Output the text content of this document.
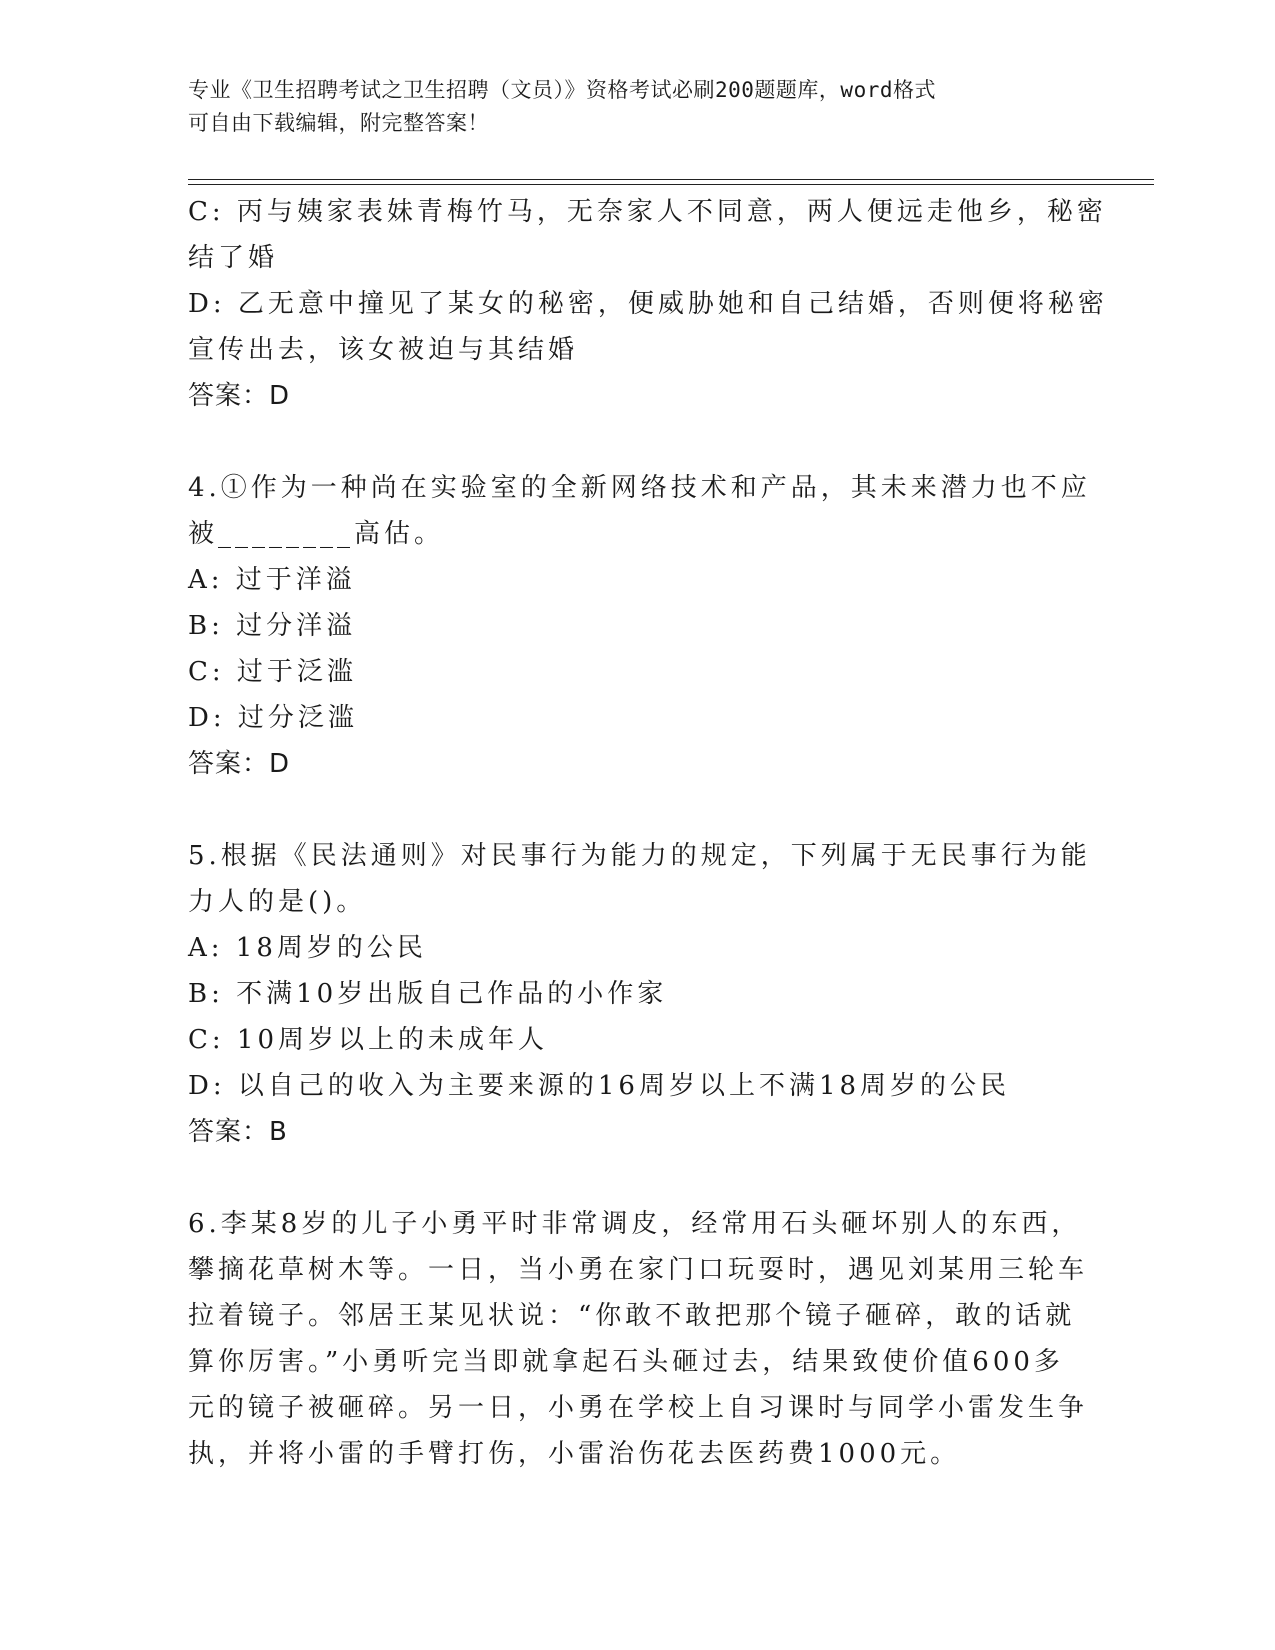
专业《卫生招聘考试之卫生招聘（文员）》资格考试必刷200题题库，word格式
可自由下载编辑，附完整答案！
C: 丙与姨家表妹青梅竹马，无奈家人不同意，两人便远走他乡，秘密
结了婚
D: 乙无意中撞见了某女的秘密，便威胁她和自己结婚，否则便将秘密
宣传出去，该女被迫与其结婚
答案：D
4.①作为一种尚在实验室的全新网络技术和产品，其未来潜力也不应
被________高估。
A: 过于洋溢
B: 过分洋溢
C: 过于泛滥
D: 过分泛滥
答案：D
5.根据《民法通则》对民事行为能力的规定，下列属于无民事行为能
力人的是()。
A: 18周岁的公民
B: 不满10岁出版自己作品的小作家
C: 10周岁以上的未成年人
D: 以自己的收入为主要来源的16周岁以上不满18周岁的公民
答案：B
6.李某8岁的儿子小勇平时非常调皮，经常用石头砸坏别人的东西，
攀摘花草树木等。一日，当小勇在家门口玩耍时，遇见刘某用三轮车
拉着镜子。邻居王某见状说：“你敢不敢把那个镜子砸碎，敢的话就
算你厉害。”小勇听完当即就拿起石头砸过去，结果致使价值600多
元的镜子被砸碎。另一日，小勇在学校上自习课时与同学小雷发生争
执，并将小雷的手臂打伤，小雷治伤花去医药费1000元。
